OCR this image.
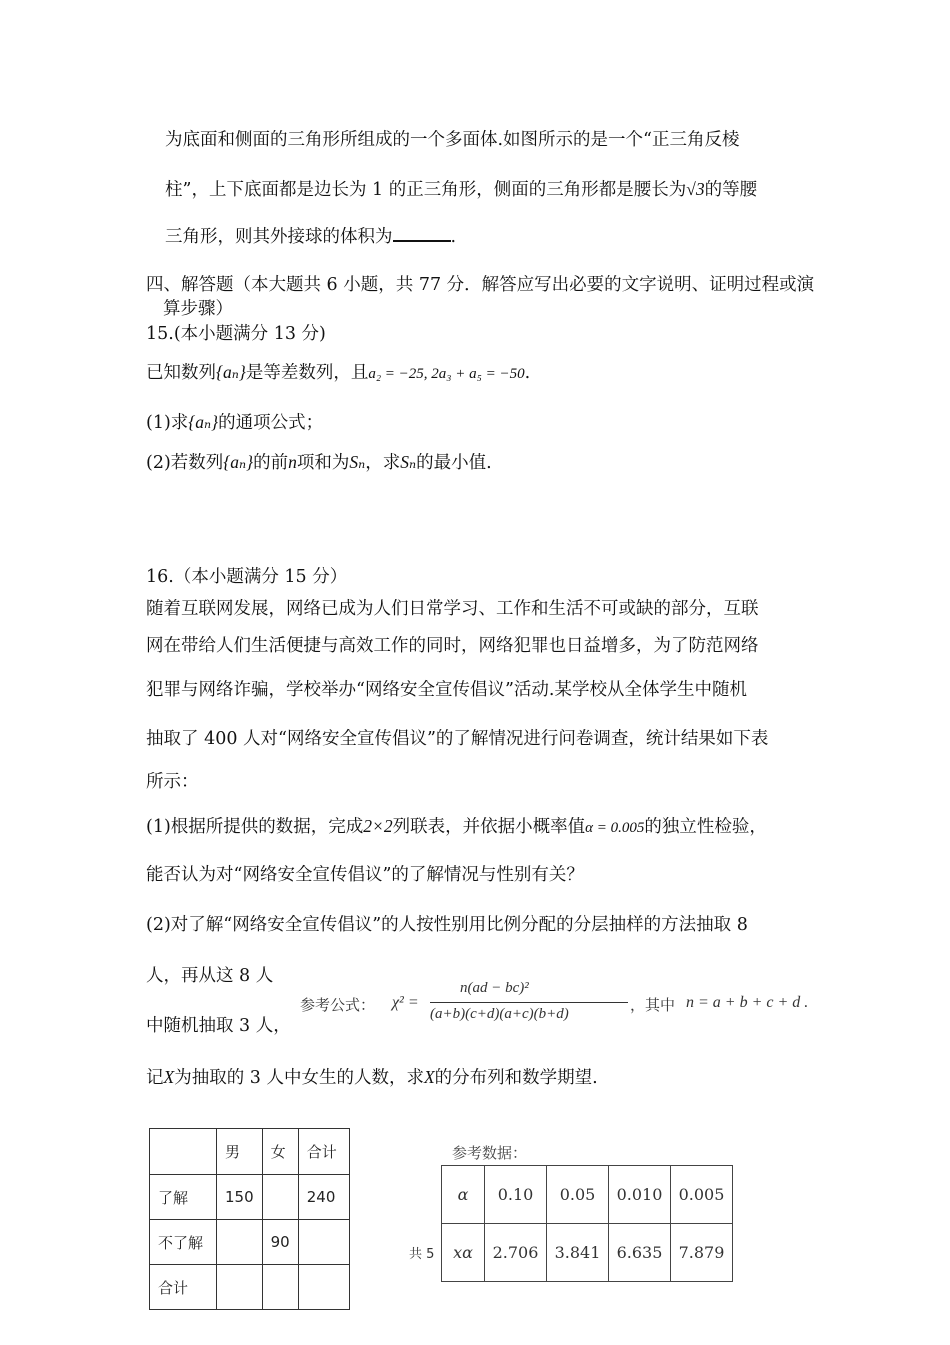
为底面和侧面的三角形所组成的一个多面体.如图所示的是一个“正三角反棱
柱”，上下底面都是边长为 1 的正三角形，侧面的三角形都是腰长为√3的等腰
三角形，则其外接球的体积为	.
四、解答题（本大题共 6 小题，共 77 分．解答应写出必要的文字说明、证明过程或演
算步骤）
15.(本小题满分 13 分)
已知数列{aₙ}是等差数列，且a₂ = −25, 2a₃ + a₅ = −50.
(1)求{aₙ}的通项公式；
(2)若数列{aₙ}的前n项和为Sₙ，求Sₙ的最小值.
16.（本小题满分 15 分）
随着互联网发展，网络已成为人们日常学习、工作和生活不可或缺的部分，互联
网在带给人们生活便捷与高效工作的同时，网络犯罪也日益增多，为了防范网络
犯罪与网络诈骗，学校举办“网络安全宣传倡议”活动.某学校从全体学生中随机
抽取了 400 人对“网络安全宣传倡议”的了解情况进行问卷调查，统计结果如下表
所示：
(1)根据所提供的数据，完成2×2列联表，并依据小概率值α = 0.005的独立性检验，
能否认为对“网络安全宣传倡议”的了解情况与性别有关？
(2)对了解“网络安全宣传倡议”的人按性别用比例分配的分层抽样的方法抽取 8
人，再从这 8 人
中随机抽取 3 人，
记X为抽取的 3 人中女生的人数，求X的分布列和数学期望.
参考公式： χ² =
n(ad − bc)²
(a+b)(c+d)(a+c)(b+d)	，其中 n = a + b + c + d .
	男	女	合计
了解	150		240
不了解		90	
合计			
参考数据：
共 5
α	0.10	0.05	0.010	0.005
xα	2.706	3.841	6.635	7.879
